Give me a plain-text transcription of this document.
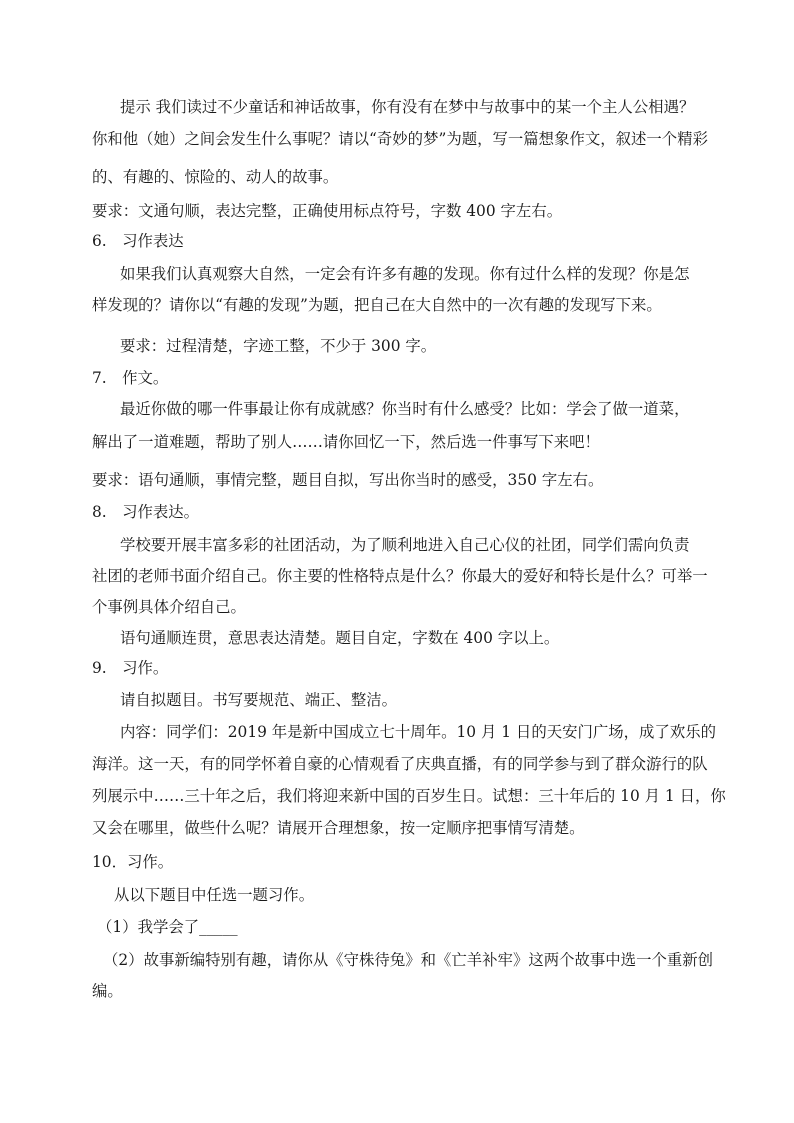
提示 我们读过不少童话和神话故事，你有没有在梦中与故事中的某一个主人公相遇？
你和他（她）之间会发生什么事呢？请以“奇妙的梦”为题，写一篇想象作文，叙述一个精彩
的、有趣的、惊险的、动人的故事。
要求：文通句顺，表达完整，正确使用标点符号，字数 400 字左右。
6.　习作表达
如果我们认真观察大自然，一定会有许多有趣的发现。你有过什么样的发现？你是怎
样发现的？请你以“有趣的发现”为题，把自己在大自然中的一次有趣的发现写下来。
要求：过程清楚，字迹工整，不少于 300 字。
7.　作文。
最近你做的哪一件事最让你有成就感？你当时有什么感受？比如：学会了做一道菜，
解出了一道难题，帮助了别人……请你回忆一下，然后选一件事写下来吧！
要求：语句通顺，事情完整，题目自拟，写出你当时的感受，350 字左右。
8.　习作表达。
学校要开展丰富多彩的社团活动，为了顺利地进入自己心仪的社团，同学们需向负责
社团的老师书面介绍自己。你主要的性格特点是什么？你最大的爱好和特长是什么？可举一
个事例具体介绍自己。
语句通顺连贯，意思表达清楚。题目自定，字数在 400 字以上。
9.　习作。
请自拟题目。书写要规范、端正、整洁。
内容：同学们：2019 年是新中国成立七十周年。10 月 1 日的天安门广场，成了欢乐的
海洋。这一天，有的同学怀着自豪的心情观看了庆典直播，有的同学参与到了群众游行的队
列展示中……三十年之后，我们将迎来新中国的百岁生日。试想：三十年后的 10 月 1 日，你
又会在哪里，做些什么呢？请展开合理想象，按一定顺序把事情写清楚。
10．习作。
从以下题目中任选一题习作。
（1）我学会了_____
（2）故事新编特别有趣，请你从《守株待兔》和《亡羊补牢》这两个故事中选一个重新创
编。
